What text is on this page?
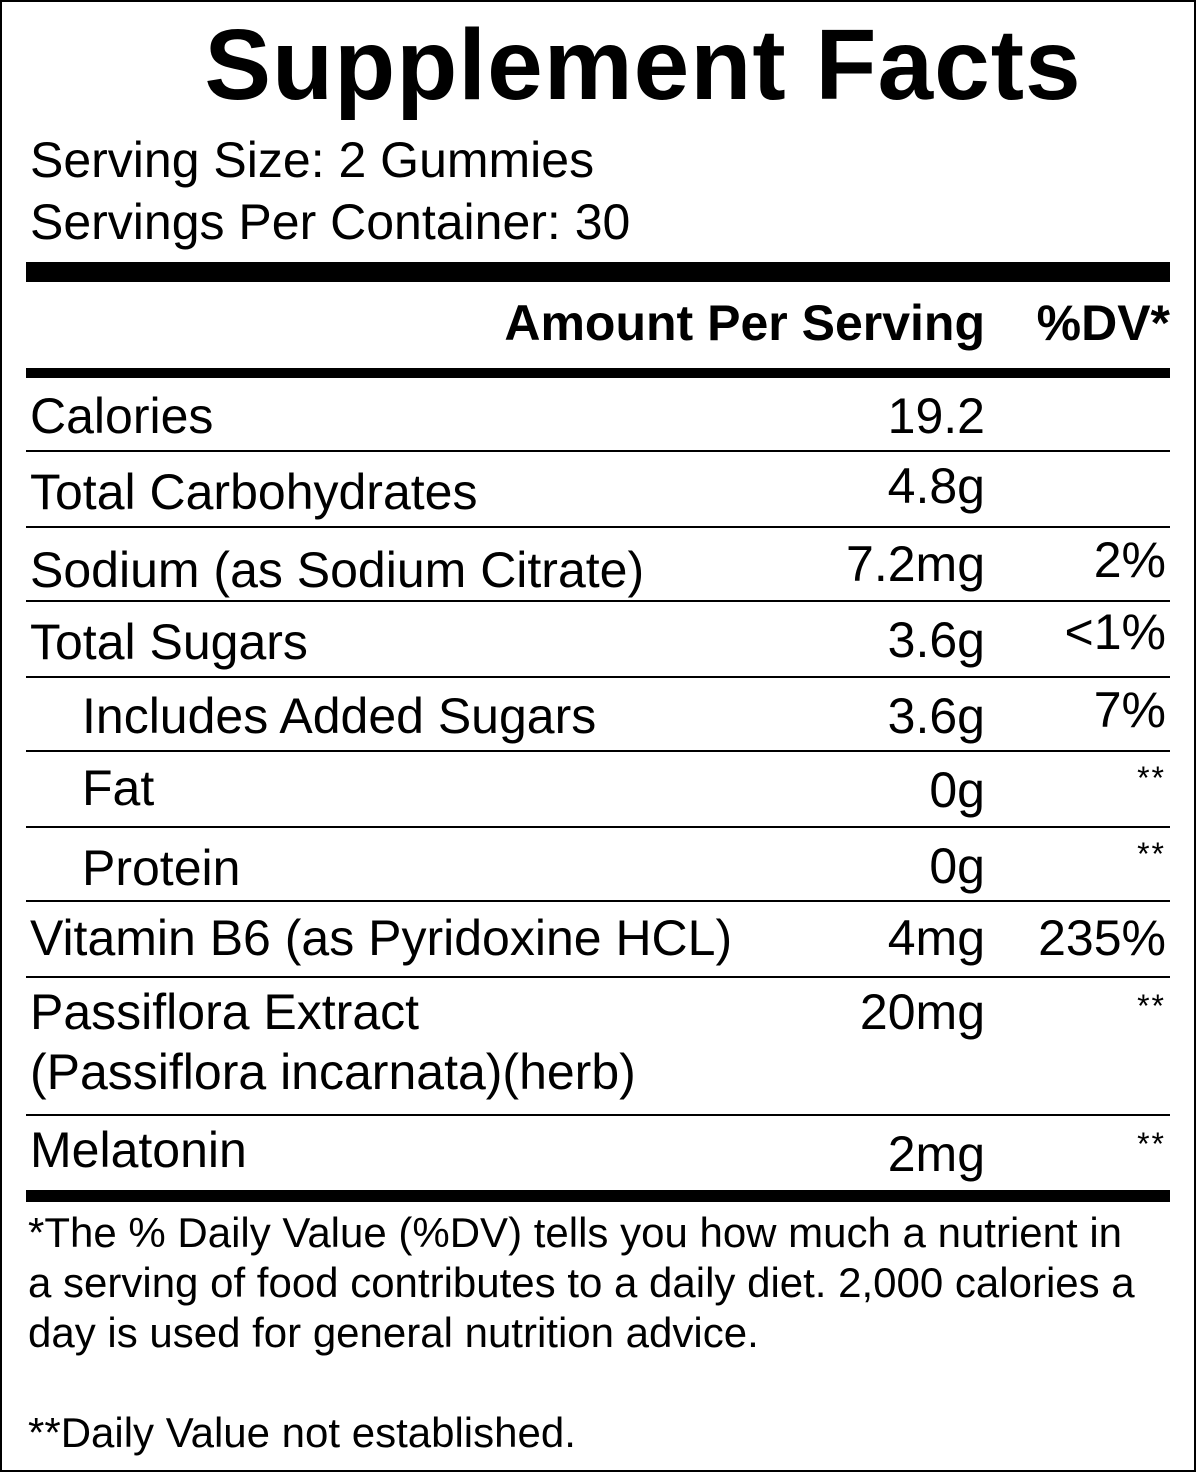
Supplement Facts
Serving Size: 2 Gummies
Servings Per Container: 30
Amount Per Serving %DV*
Calories	19.2
Total Carbohydrates	4.8g
Sodium (as Sodium Citrate)	7.2mg 2%
Total Sugars	3.6g <1%
Includes Added Sugars	3.6g 7%
Fat	0g	**
Protein	0g	**
Vitamin B6 (as Pyridoxine HCL)	4mg 235%
Passiflora Extract
(Passiflora incarnata)(herb)
20mg	**
Melatonin	2mg	**
*The % Daily Value (%DV) tells you how much a nutrient in a serving of food contributes to a daily diet. 2,000 calories a day is used for general nutrition advice.
**Daily Value not established.
